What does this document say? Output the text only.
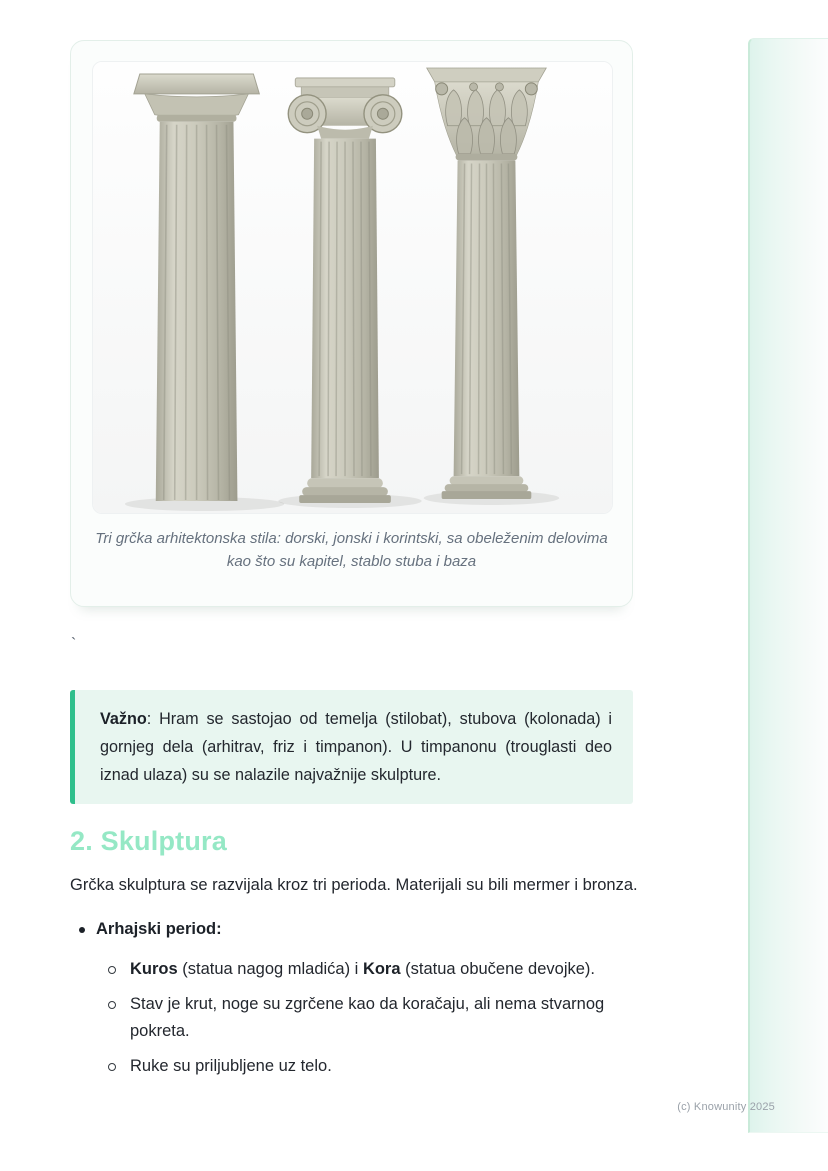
Tri grčka arhitektonska stila: dorski, jonski i korintski, sa obeleženim delovima kao što su kapitel, stablo stuba i baza
`

Važno: Hram se sastojao od temelja (stilobat), stubova (kolonada) i gornjeg dela (arhitrav, friz i timpanon). U timpanonu (trouglasti deo iznad ulaza) su se nalazile najvažnije skulpture.

2. Skulptura
Grčka skulptura se razvijala kroz tri perioda. Materijali su bili mermer i bronza.
Arhajski period:

Kuros (statua nagog mladića) i Kora (statua obučene devojke).

Stav je krut, noge su zgrčene kao da koračaju, ali nema stvarnog pokreta.

Ruke su priljubljene uz telo.

(c) Knowunity 2025
